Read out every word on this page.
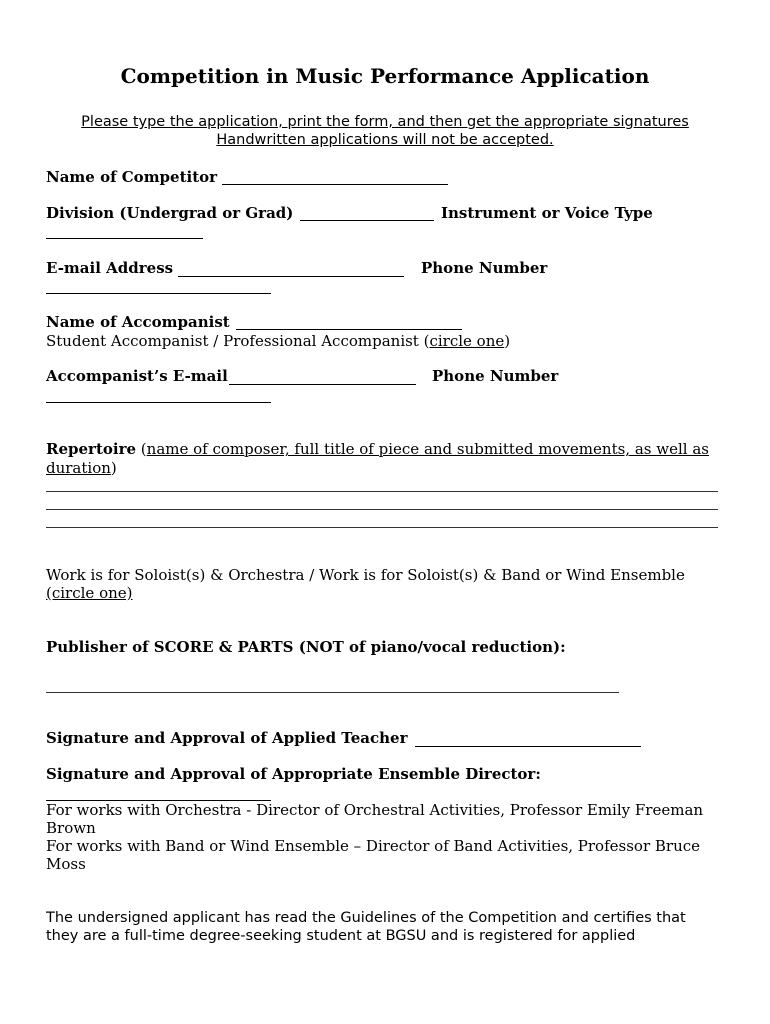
Competition in Music Performance Application
Please type the application, print the form, and then get the appropriate signatures
Handwritten applications will not be accepted.
Name of Competitor
Division (Undergrad or Grad)	Instrument or Voice Type
E-mail Address	Phone Number
Name of Accompanist
Student Accompanist / Professional Accompanist (circle one)
Accompanist’s E-mail	Phone Number
Repertoire (name of composer, full title of piece and submitted movements, as well as
duration)
Work is for Soloist(s) & Orchestra / Work is for Soloist(s) & Band or Wind Ensemble
(circle one)
Publisher of SCORE & PARTS (NOT of piano/vocal reduction):
Signature and Approval of Applied Teacher
Signature and Approval of Appropriate Ensemble Director:
For works with Orchestra - Director of Orchestral Activities, Professor Emily Freeman
Brown
For works with Band or Wind Ensemble – Director of Band Activities, Professor Bruce
Moss
The undersigned applicant has read the Guidelines of the Competition and certifies that
they are a full-time degree-seeking student at BGSU and is registered for applied
